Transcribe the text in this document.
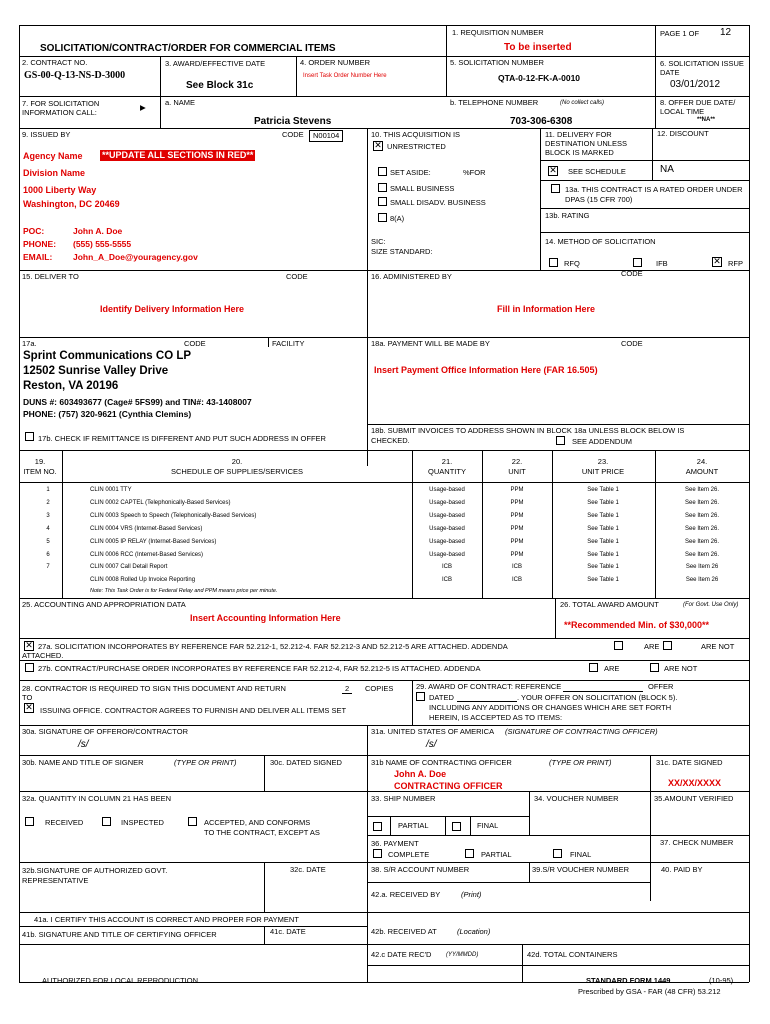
SOLICITATION/CONTRACT/ORDER FOR COMMERCIAL ITEMS
1. REQUISITION NUMBER
To be inserted
PAGE 1 OF 12
2. CONTRACT NO.
GS-00-Q-13-NS-D-3000
3. AWARD/EFFECTIVE DATE
See Block 31c
4. ORDER NUMBER
Insert Task Order Number Here
5. SOLICITATION NUMBER
QTA-0-12-FK-A-0010
6. SOLICITATION ISSUE DATE
03/01/2012
7. FOR SOLICITATION INFORMATION CALL:
▶
a. NAME
Patricia Stevens
b. TELEPHONE NUMBER	(No collect calls)
703-306-6308
8. OFFER DUE DATE/ LOCAL TIME
**NA**
9. ISSUED BY	CODE	N00104
Agency Name **UPDATE ALL SECTIONS IN RED**
Division Name
1000 Liberty Way
Washington, DC 20469
POC:	John A. Doe
PHONE: (555) 555-5555
EMAIL: John_A_Doe@youragency.gov
10. THIS ACQUISITION IS
✕ UNRESTRICTED
SET ASIDE:	%FOR
SMALL BUSINESS
SMALL DISADV. BUSINESS
8(A)
SIC:
SIZE STANDARD:
11. DELIVERY FOR DESTINATION UNLESS BLOCK IS MARKED
12. DISCOUNT
✕ SEE SCHEDULE	NA
13a. THIS CONTRACT IS A RATED ORDER UNDER DPAS (15 CFR 700)
13b. RATING
14. METHOD OF SOLICITATION
RFQ	IFB	✕ RFP
CODE
15. DELIVER TO	CODE
Identify Delivery Information Here
16. ADMINISTERED BY
Fill in Information Here
17a.	CODE	FACILITY
Sprint Communications CO LP
12502 Sunrise Valley Drive
Reston, VA 20196
DUNS #: 603493677 (Cage# 5FS99) and TIN#: 43-1408007
PHONE: (757) 320-9621 (Cynthia Clemins)
17b. CHECK IF REMITTANCE IS DIFFERENT AND PUT SUCH ADDRESS IN OFFER
18a. PAYMENT WILL BE MADE BY	CODE
Insert Payment Office Information Here (FAR 16.505)
18b. SUBMIT INVOICES TO ADDRESS SHOWN IN BLOCK 18a UNLESS BLOCK BELOW IS CHECKED.	SEE ADDENDUM
19.
ITEM NO.
20.
SCHEDULE OF SUPPLIES/SERVICES
21.
QUANTITY
22.
UNIT
23.
UNIT PRICE
24.
AMOUNT
1	CLIN 0001 TTY	Usage-based	PPM	See Table 1	See Item 26.
2	CLIN 0002 CAPTEL (Telephonically-Based Services)	Usage-based	PPM	See Table 1	See Item 26.
3	CLIN 0003 Speech to Speech (Telephonically-Based Services)	Usage-based	PPM	See Table 1	See Item 26.
4	CLIN 0004 VRS (Internet-Based Services)	Usage-based	PPM	See Table 1	See Item 26.
5	CLIN 0005 IP RELAY (Internet-Based Services)	Usage-based	PPM	See Table 1	See Item 26.
6	CLIN 0006 RCC (Internet-Based Services)	Usage-based	PPM	See Table 1	See Item 26.
7	CLIN 0007 Call Detail Report	ICB	ICB	See Table 1	See Item 26
CLIN 0008 Rolled Up Invoice Reporting	ICB	ICB	See Table 1	See Item 26
Note: This Task Order is for Federal Relay and PPM means price per minute.
25. ACCOUNTING AND APPROPRIATION DATA
Insert Accounting Information Here
26. TOTAL AWARD AMOUNT	(For Govt. Use Only)
**Recommended Min. of $30,000**
✕ 27a. SOLICITATION INCORPORATES BY REFERENCE FAR 52.212-1, 52.212-4. FAR 52.212-3 AND 52.212-5 ARE ATTACHED. ADDENDA	ARE	ARE NOT
ATTACHED.
27b. CONTRACT/PURCHASE ORDER INCORPORATES BY REFERENCE FAR 52.212-4, FAR 52.212-5 IS ATTACHED. ADDENDA	ARE	ARE NOT
28. CONTRACTOR IS REQUIRED TO SIGN THIS DOCUMENT AND RETURN	2	COPIES
TO
✕ ISSUING OFFICE. CONTRACTOR AGREES TO FURNISH AND DELIVER ALL ITEMS SET
29. AWARD OF CONTRACT: REFERENCE	OFFER
DATED	. YOUR OFFER ON SOLICITATION (BLOCK 5).
INCLUDING ANY ADDITIONS OR CHANGES WHICH ARE SET FORTH
HEREIN, IS ACCEPTED AS TO ITEMS:
30a. SIGNATURE OF OFFEROR/CONTRACTOR
/s/
31a. UNITED STATES OF AMERICA (SIGNATURE OF CONTRACTING OFFICER)
/s/
30b. NAME AND TITLE OF SIGNER	(TYPE OR PRINT)	30c. DATED SIGNED	31b NAME OF CONTRACTING OFFICER	(TYPE OR PRINT)
John A. Doe
CONTRACTING OFFICER
31c. DATE SIGNED
XX/XX/XXXX
32a. QUANTITY IN COLUMN 21 HAS BEEN
RECEIVED	INSPECTED	ACCEPTED, AND CONFORMS
TO THE CONTRACT, EXCEPT AS
33. SHIP NUMBER	34. VOUCHER NUMBER	35.AMOUNT VERIFIED
PARTIAL	FINAL
36. PAYMENT
COMPLETE	PARTIAL	FINAL
37. CHECK NUMBER
32b.SIGNATURE OF AUTHORIZED GOVT. REPRESENTATIVE
32c. DATE	38. S/R ACCOUNT NUMBER	39.S/R VOUCHER NUMBER	40. PAID BY
42.a. RECEIVED BY	(Print)
41a. I CERTIFY THIS ACCOUNT IS CORRECT AND PROPER FOR PAYMENT
41b. SIGNATURE AND TITLE OF CERTIFYING OFFICER	41c. DATE	42b. RECEIVED AT	(Location)
42.c DATE REC'D (YY/MMDD)	42d. TOTAL CONTAINERS
AUTHORIZED FOR LOCAL REPRODUCTION	STANDARD FORM 1449	(10-95)
Prescribed by GSA - FAR (48 CFR) 53.212
